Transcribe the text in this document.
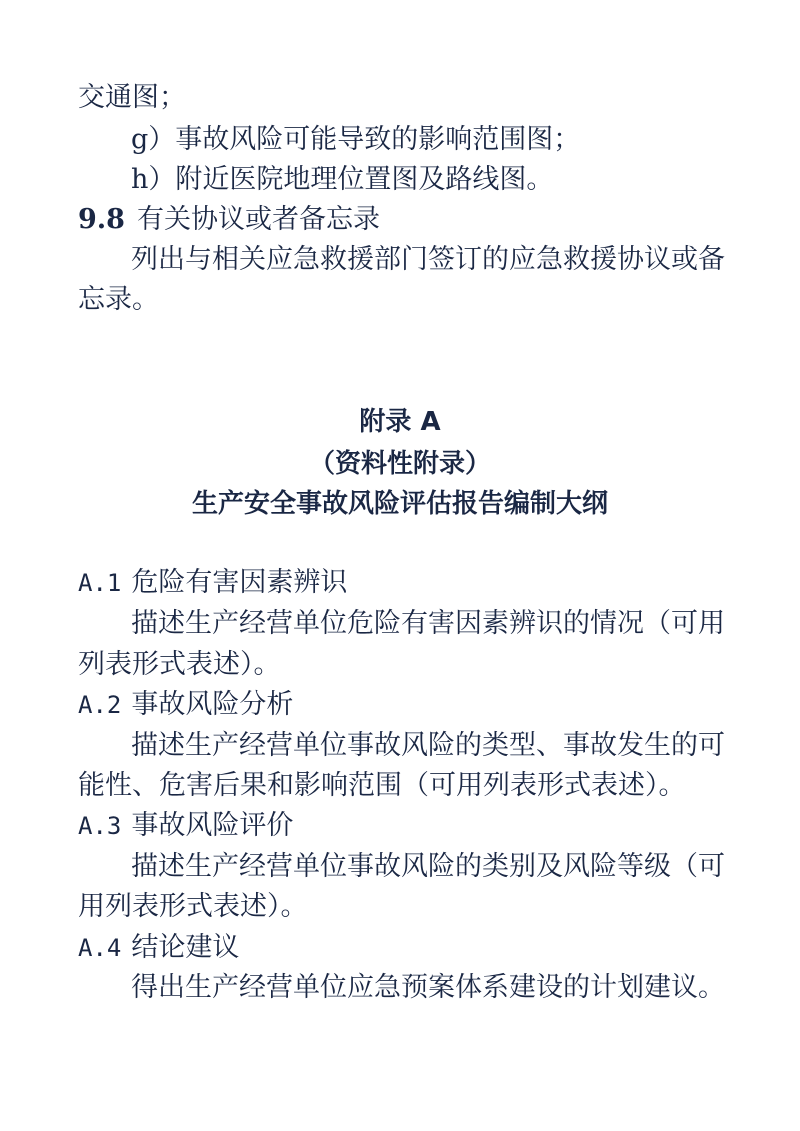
交通图；
g）事故风险可能导致的影响范围图；
h）附近医院地理位置图及路线图。
9.8 有关协议或者备忘录
列出与相关应急救援部门签订的应急救援协议或备
忘录。
附录 A
（资料性附录）
生产安全事故风险评估报告编制大纲
A.1 危险有害因素辨识
描述生产经营单位危险有害因素辨识的情况（可用
列表形式表述）。
A.2 事故风险分析
描述生产经营单位事故风险的类型、事故发生的可
能性、危害后果和影响范围（可用列表形式表述）。
A.3 事故风险评价
描述生产经营单位事故风险的类别及风险等级（可
用列表形式表述）。
A.4 结论建议
得出生产经营单位应急预案体系建设的计划建议。
